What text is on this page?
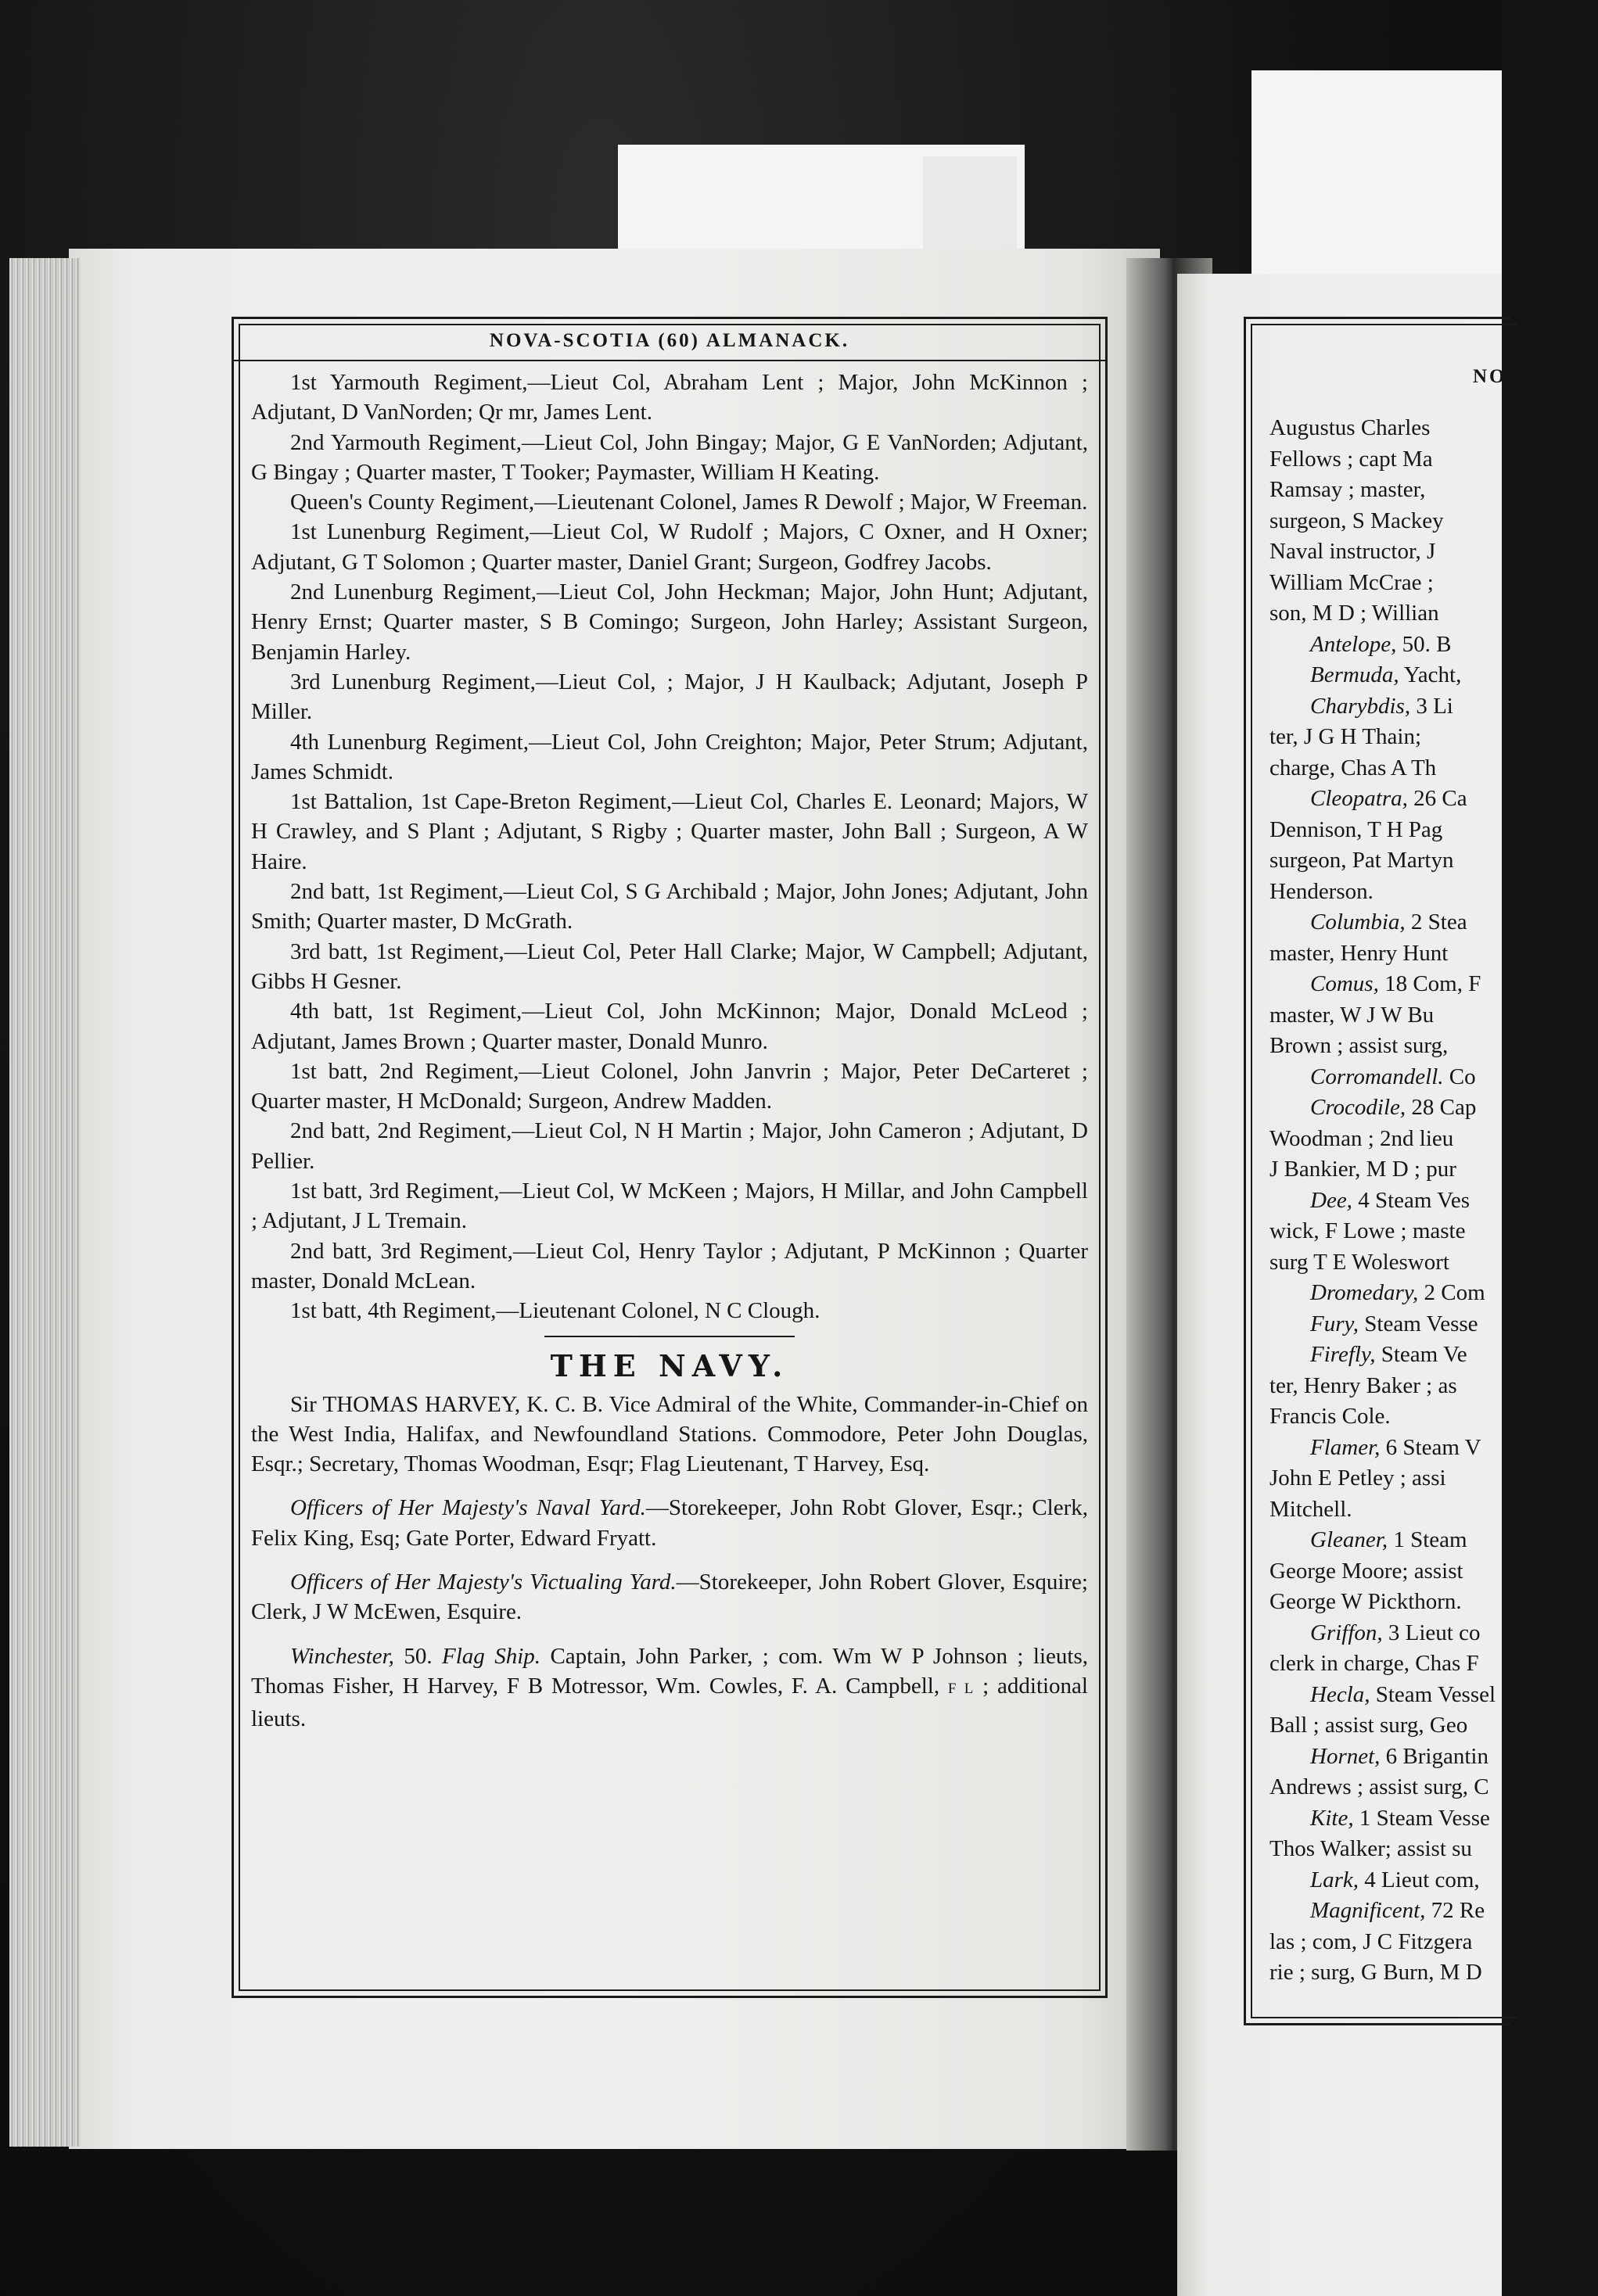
NOVA-SCOTIA (60) ALMANACK.

1st Yarmouth Regiment,—Lieut Col, Abraham Lent ; Major, John McKinnon ; Adjutant, D VanNorden; Qr mr, James Lent.

2nd Yarmouth Regiment,—Lieut Col, John Bingay; Major, G E VanNorden; Adjutant, G Bingay ; Quarter master, T Tooker; Paymaster, William H Keating.

Queen's County Regiment,—Lieutenant Colonel, James R Dewolf ; Major, W Freeman.

1st Lunenburg Regiment,—Lieut Col, W Rudolf ; Majors, C Oxner, and H Oxner; Adjutant, G T Solomon ; Quarter master, Daniel Grant; Surgeon, Godfrey Jacobs.

2nd Lunenburg Regiment,—Lieut Col, John Heckman; Major, John Hunt; Adjutant, Henry Ernst; Quarter master, S B Comingo; Surgeon, John Harley; Assistant Surgeon, Benjamin Harley.

3rd Lunenburg Regiment,—Lieut Col, ; Major, J H Kaulback; Adjutant, Joseph P Miller.

4th Lunenburg Regiment,—Lieut Col, John Creighton; Major, Peter Strum; Adjutant, James Schmidt.

1st Battalion, 1st Cape-Breton Regiment,—Lieut Col, Charles E. Leonard; Majors, W H Crawley, and S Plant ; Adjutant, S Rigby ; Quarter master, John Ball ; Surgeon, A W Haire.

2nd batt, 1st Regiment,—Lieut Col, S G Archibald ; Major, John Jones; Adjutant, John Smith; Quarter master, D McGrath.

3rd batt, 1st Regiment,—Lieut Col, Peter Hall Clarke; Major, W Campbell; Adjutant, Gibbs H Gesner.

4th batt, 1st Regiment,—Lieut Col, John McKinnon; Major, Donald McLeod ; Adjutant, James Brown ; Quarter master, Donald Munro.

1st batt, 2nd Regiment,—Lieut Colonel, John Janvrin ; Major, Peter DeCarteret ; Quarter master, H McDonald; Surgeon, Andrew Madden.

2nd batt, 2nd Regiment,—Lieut Col, N H Martin ; Major, John Cameron ; Adjutant, D Pellier.

1st batt, 3rd Regiment,—Lieut Col, W McKeen ; Majors, H Millar, and John Campbell ; Adjutant, J L Tremain.

2nd batt, 3rd Regiment,—Lieut Col, Henry Taylor ; Adjutant, P McKinnon ; Quarter master, Donald McLean.

1st batt, 4th Regiment,—Lieutenant Colonel, N C Clough.

THE NAVY.

Sir THOMAS HARVEY, K. C. B. Vice Admiral of the White, Commander-in-Chief on the West India, Halifax, and Newfoundland Stations. Commodore, Peter John Douglas, Esqr.; Secretary, Thomas Woodman, Esqr; Flag Lieutenant, T Harvey, Esq.

Officers of Her Majesty's Naval Yard.—Storekeeper, John Robt Glover, Esqr.; Clerk, Felix King, Esq; Gate Porter, Edward Fryatt.

Officers of Her Majesty's Victualing Yard.—Storekeeper, John Robert Glover, Esquire; Clerk, J W McEwen, Esquire.

Winchester, 50. Flag Ship. Captain, John Parker, ; com. Wm W P Johnson ; lieuts, Thomas Fisher, H Harvey, F B Motressor, Wm. Cowles, F. A. Campbell, F L ; additional lieuts.

NO

Augustus Charles

Fellows ; capt Ma

Ramsay ; master,

surgeon, S Mackey

Naval instructor, J

William McCrae ;

son, M D ; Willian

Antelope, 50. B

Bermuda, Yacht,

Charybdis, 3 Li

ter, J G H Thain;

charge, Chas A Th

Cleopatra, 26 Ca

Dennison, T H Pag

surgeon, Pat Martyn

Henderson.

Columbia, 2 Stea

master, Henry Hunt

Comus, 18 Com, F

master, W J W Bu

Brown ; assist surg,

Corromandell. Co

Crocodile, 28 Cap

Woodman ; 2nd lieu

J Bankier, M D ; pur

Dee, 4 Steam Ves

wick, F Lowe ; maste

surg T E Woleswort

Dromedary, 2 Com

Fury, Steam Vesse

Firefly, Steam Ve

ter, Henry Baker ; as

Francis Cole.

Flamer, 6 Steam V

John E Petley ; assi

Mitchell.

Gleaner, 1 Steam

George Moore; assist

George W Pickthorn.

Griffon, 3 Lieut co

clerk in charge, Chas F

Hecla, Steam Vessel

Ball ; assist surg, Geo

Hornet, 6 Brigantin

Andrews ; assist surg, C

Kite, 1 Steam Vesse

Thos Walker; assist su

Lark, 4 Lieut com,

Magnificent, 72 Re

las ; com, J C Fitzgera

rie ; surg, G Burn, M D
